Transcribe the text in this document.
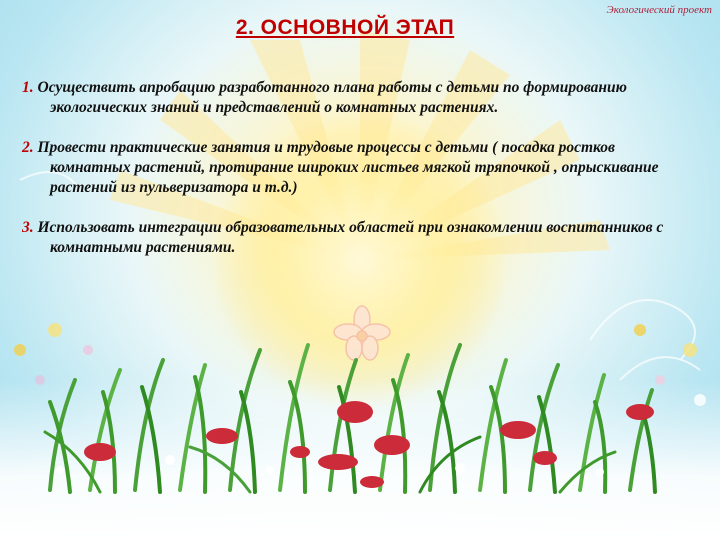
Экологический проект
2. ОСНОВНОЙ ЭТАП
1. Осуществить апробацию разработанного плана работы с детьми по формированию экологических знаний и представлений о комнатных растениях.
2. Провести практические занятия и трудовые процессы с детьми ( посадка ростков комнатных растений, протирание широких листьев мягкой тряпочкой , опрыскивание растений из пульверизатора и т.д.)
3. Использовать интеграции образовательных областей при ознакомлении воспитанников с комнатными растениями.
